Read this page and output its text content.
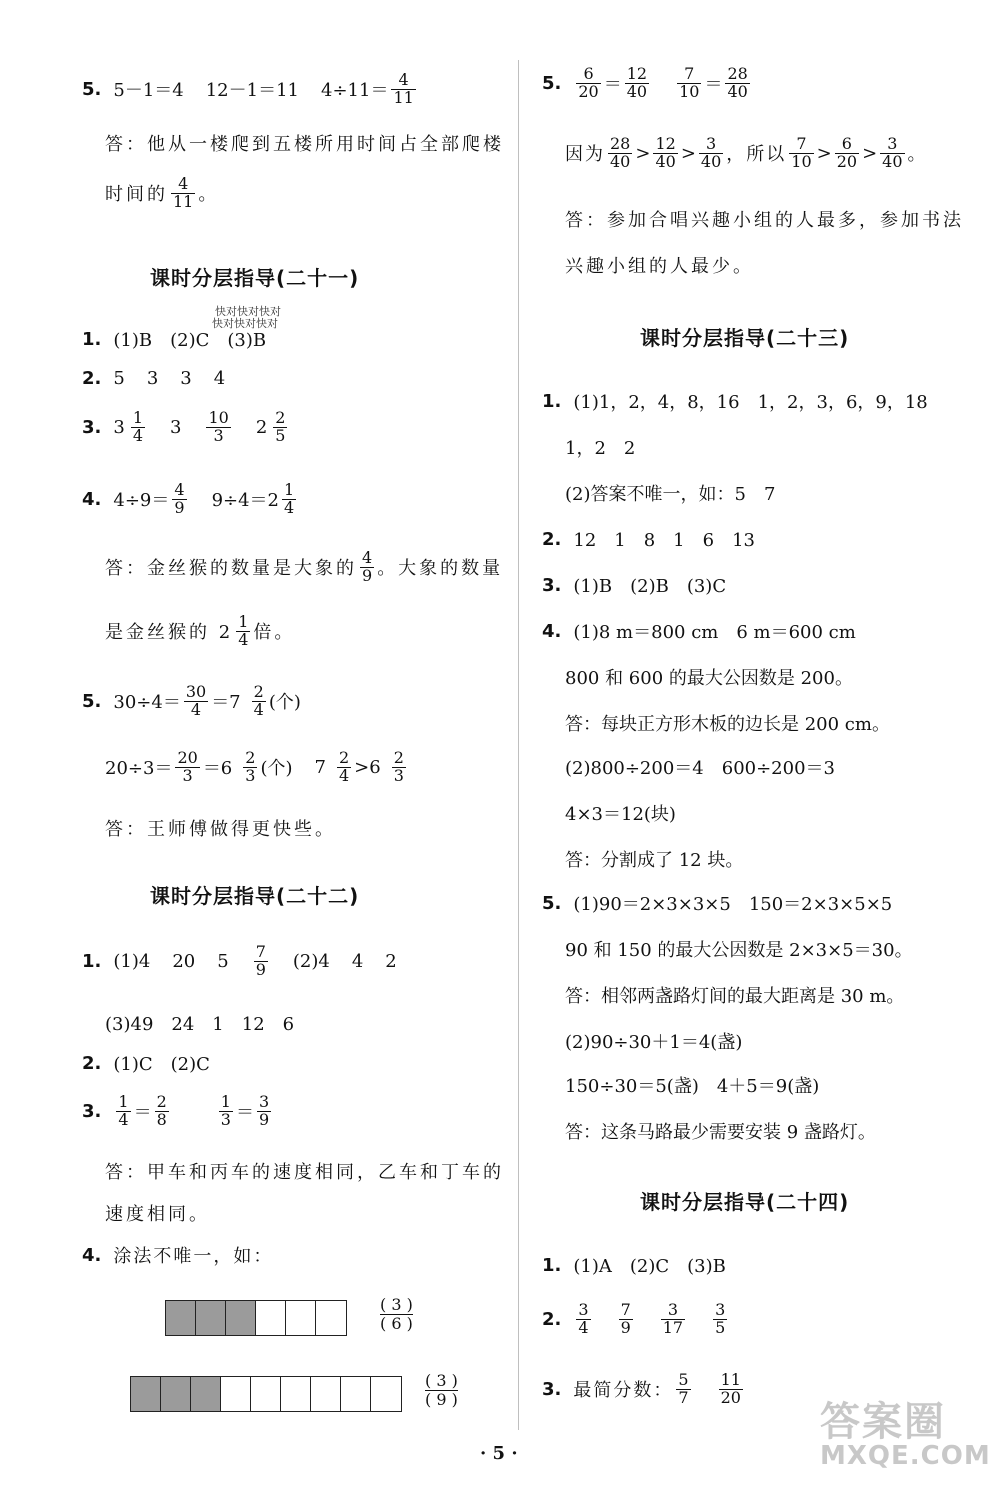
5. 5－1＝4 12－1＝11 $4\div 11= \frac{4}{11}$
答：他从一楼爬到五楼所用时间占全部爬楼
时间的 $\frac{4}{11}$ 。
课时分层指导(二十一)
快对快对快对
快对快对快对
1. (1)B　(2)C　(3)B
2. 5 3 3 4
3. $3 \frac{1}{4} 3 \frac{10}{3} 2 \frac{2}{5}$
4. $4\div 9= \frac{4}{9} 9\div 4=2 \frac{1}{4}$
答：金丝猴的数量是大象的 $\frac{4}{9}$ 。大象的数量
是金丝猴的 $2 \frac{1}{4}$ 倍。
5. $30\div 4= \frac{30}{4} =7 \frac{2}{4}$ (个)
$20\div 3= \frac{20}{3} =6 \frac{2}{3}$ (个) $7 \frac{2}{4} >6 \frac{2}{3}$
答：王师傅做得更快些。
课时分层指导(二十二)
1. (1)4 20 $5 \frac{7}{9} (2)4$ 4 2
(3)49　24　1　12　6
2. (1)C　(2)C
3. $\frac{1}{4} = \frac{2}{8}$	$\frac{1}{3} = \frac{3}{9}$
答：甲车和丙车的速度相同，乙车和丁车的
速度相同。
4. 涂法不唯一，如：
( 3 )
( 6 )
( 3 )
( 9 )
5. $\frac{6}{20} = \frac{12}{40} \frac{7}{10} = \frac{28}{40}$
因为 $\frac{28}{40} > \frac{12}{40} > \frac{3}{40}$ ，所以 $\frac{7}{10} > \frac{6}{20} > \frac{3}{40}$ 。
答：参加合唱兴趣小组的人最多，参加书法
兴趣小组的人最少。
课时分层指导(二十三)
1. (1)1，2，4，8，16　1，2，3，6，9，18
1，2　2
(2)答案不唯一，如：5　7
2. 12　1　8　1　6　13
3. (1)B　(2)B　(3)C
4. (1)8 m＝800 cm　6 m＝600 cm
800 和 600 的最大公因数是 200。
答：每块正方形木板的边长是 200 cm。
(2)800÷200＝4　600÷200＝3
4×3＝12(块)
答：分割成了 12 块。
5. (1)90＝2×3×3×5　150＝2×3×5×5
90 和 150 的最大公因数是 2×3×5＝30。
答：相邻两盏路灯间的最大距离是 30 m。
(2)90÷30＋1＝4(盏)
150÷30＝5(盏)　4＋5＝9(盏)
答：这条马路最少需要安装 9 盏路灯。
课时分层指导(二十四)
1. (1)A　(2)C　(3)B
2. $\frac{3}{4} \frac{7}{9} \frac{3}{17} \frac{3}{5}$
3. 最简分数： $\frac{5}{7} \frac{11}{20}$
· 5 ·
答案圈
MXQE.COM
